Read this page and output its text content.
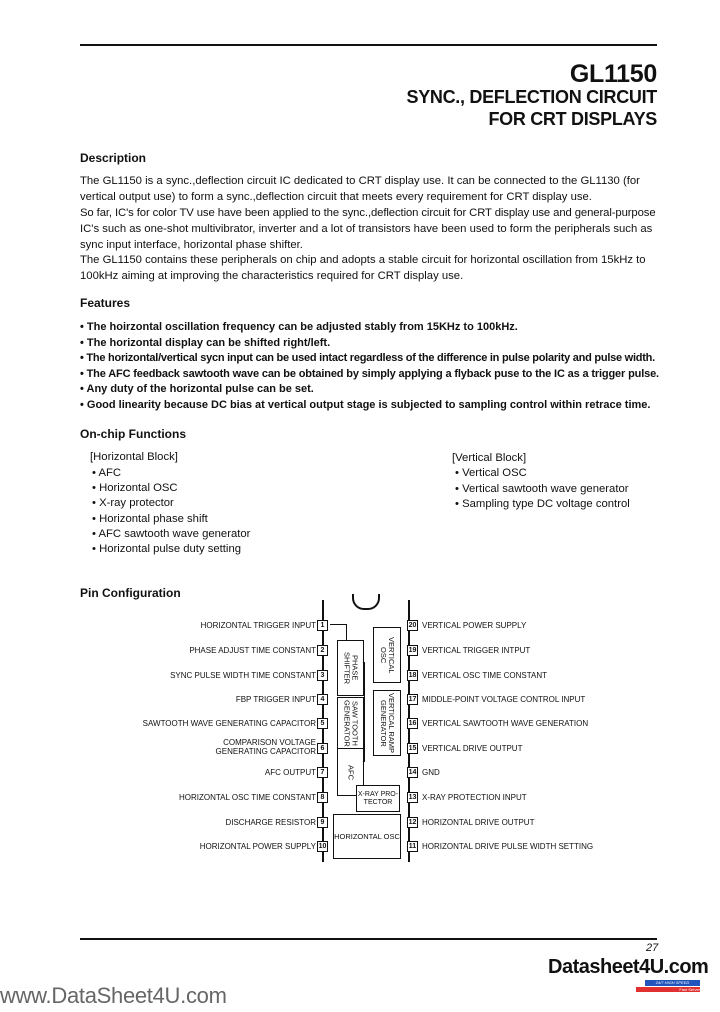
GL1150
SYNC., DEFLECTION CIRCUIT
FOR CRT DISPLAYS
Description
The GL1150 is a sync.,deflection circuit IC dedicated to CRT display use. It can be connected to the GL1130 (for
vertical output use) to form a sync.,deflection circuit that meets every requirement for CRT display use.
So far, IC's for color TV use have been applied to the sync.,deflection circuit for CRT display use and general-purpose
IC's such as one-shot multivibrator, inverter and a lot of transistors have been used to form the peripherals such as
sync input interface, horizontal phase shifter.
The GL1150 contains these peripherals on chip and adopts a stable circuit for horizontal oscillation from 15kHz to
100kHz aiming at improving the characteristics required for CRT display use.
Features
• The hoirzontal oscillation frequency can be adjusted stably from 15KHz to 100kHz.
• The horizontal display can be shifted right/left.
• The horizontal/vertical sycn input can be used intact regardless of the difference in pulse polarity and pulse width.
• The AFC feedback sawtooth wave can be obtained by simply applying a flyback puse to the IC as a trigger pulse.
• Any duty of the horizontal pulse can be set.
• Good linearity because DC bias at vertical output stage is subjected to sampling control within retrace time.
On-chip Functions
[Horizontal Block]
• AFC
• Horizontal OSC
• X-ray protector
• Horizontal phase shift
• AFC sawtooth wave generator
• Horizontal pulse duty setting
[Vertical Block]
• Vertical OSC
• Vertical sawtooth wave generator
• Sampling type DC voltage control
Pin Configuration
PHASE SHIFTER
SAW TOOTH GENERATOR
AFC
VERTICAL OSC
VERTICAL RAMP GENERATOR
X-RAY PRO- TECTOR
HORIZONTAL OSC
1
HORIZONTAL TRIGGER INPUT
2
PHASE ADJUST TIME CONSTANT
3
SYNC PULSE WIDTH TIME CONSTANT
4
FBP TRIGGER INPUT
5
SAWTOOTH WAVE GENERATING CAPACITOR
6
COMPARISON VOLTAGE GENERATING CAPACITOR
7
AFC OUTPUT
8
HORIZONTAL OSC TIME CONSTANT
9
DISCHARGE RESISTOR
10
HORIZONTAL POWER SUPPLY
20 VERTICAL POWER SUPPLY
19 VERTICAL TRIGGER INTPUT
18 VERTICAL OSC TIME CONSTANT
17 MIDDLE-POINT VOLTAGE CONTROL INPUT
16 VERTICAL SAWTOOTH WAVE GENERATION
15 VERTICAL DRIVE OUTPUT
14 GND
13 X-RAY PROTECTION INPUT
12 HORIZONTAL DRIVE OUTPUT
11 HORIZONTAL DRIVE PULSE WIDTH SETTING
27
Datasheet4U.com
24/7 HIGH SPEED
Fast Server
www.DataSheet4U.com
